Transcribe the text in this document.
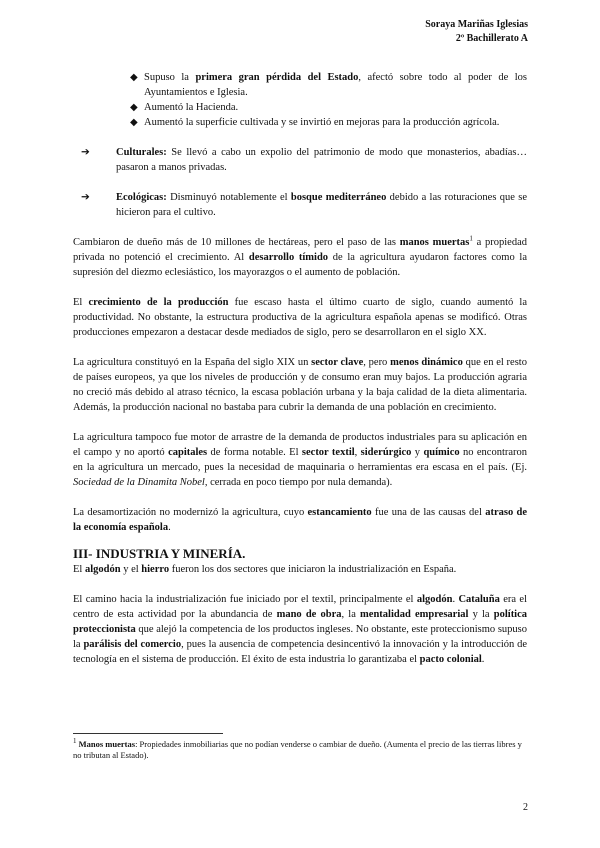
Soraya Mariñas Iglesias
2º Bachillerato A
◆ Supuso la primera gran pérdida del Estado, afectó sobre todo al poder de los Ayuntamientos e Iglesia.
◆ Aumentó la Hacienda.
◆ Aumentó la superficie cultivada y se invirtió en mejoras para la producción agrícola.
➔ Culturales: Se llevó a cabo un expolio del patrimonio de modo que monasterios, abadías… pasaron a manos privadas.
➔ Ecológicas: Disminuyó notablemente el bosque mediterráneo debido a las roturaciones que se hicieron para el cultivo.

Cambiaron de dueño más de 10 millones de hectáreas, pero el paso de las manos muertas$^1$ a propiedad privada no potenció el crecimiento. Al desarrollo tímido de la agricultura ayudaron factores como la supresión del diezmo eclesiástico, los mayorazgos o el aumento de población.

El crecimiento de la producción fue escaso hasta el último cuarto de siglo, cuando aumentó la productividad. No obstante, la estructura productiva de la agricultura española apenas se modificó. Otras producciones empezaron a destacar desde mediados de siglo, pero se desarrollaron en el siglo XX.

La agricultura constituyó en la España del siglo XIX un sector clave, pero menos dinámico que en el resto de países europeos, ya que los niveles de producción y de consumo eran muy bajos. La producción agraria no creció más debido al atraso técnico, la escasa población urbana y la baja calidad de la dieta alimentaria. Además, la producción nacional no bastaba para cubrir la demanda de una población en crecimiento.

La agricultura tampoco fue motor de arrastre de la demanda de productos industriales para su aplicación en el campo y no aportó capitales de forma notable. El sector textil, siderúrgico y químico no encontraron en la agricultura un mercado, pues la necesidad de maquinaria o herramientas era escasa en el país. (Ej. Sociedad de la Dinamita Nobel, cerrada en poco tiempo por nula demanda).

La desamortización no modernizó la agricultura, cuyo estancamiento fue una de las causas del atraso de la economía española.

III- INDUSTRIA Y MINERÍA.

El algodón y el hierro fueron los dos sectores que iniciaron la industrialización en España.

El camino hacia la industrialización fue iniciado por el textil, principalmente el algodón. Cataluña era el centro de esta actividad por la abundancia de mano de obra, la mentalidad empresarial y la política proteccionista que alejó la competencia de los productos ingleses. No obstante, este proteccionismo supuso la parálisis del comercio, pues la ausencia de competencia desincentivó la innovación y la introducción de tecnología en el sistema de producción. El éxito de esta industria lo garantizaba el pacto colonial.

$^1$ Manos muertas: Propiedades inmobiliarias que no podían venderse o cambiar de dueño. (Aumenta el precio de las tierras libres y no tributan al Estado).
2
